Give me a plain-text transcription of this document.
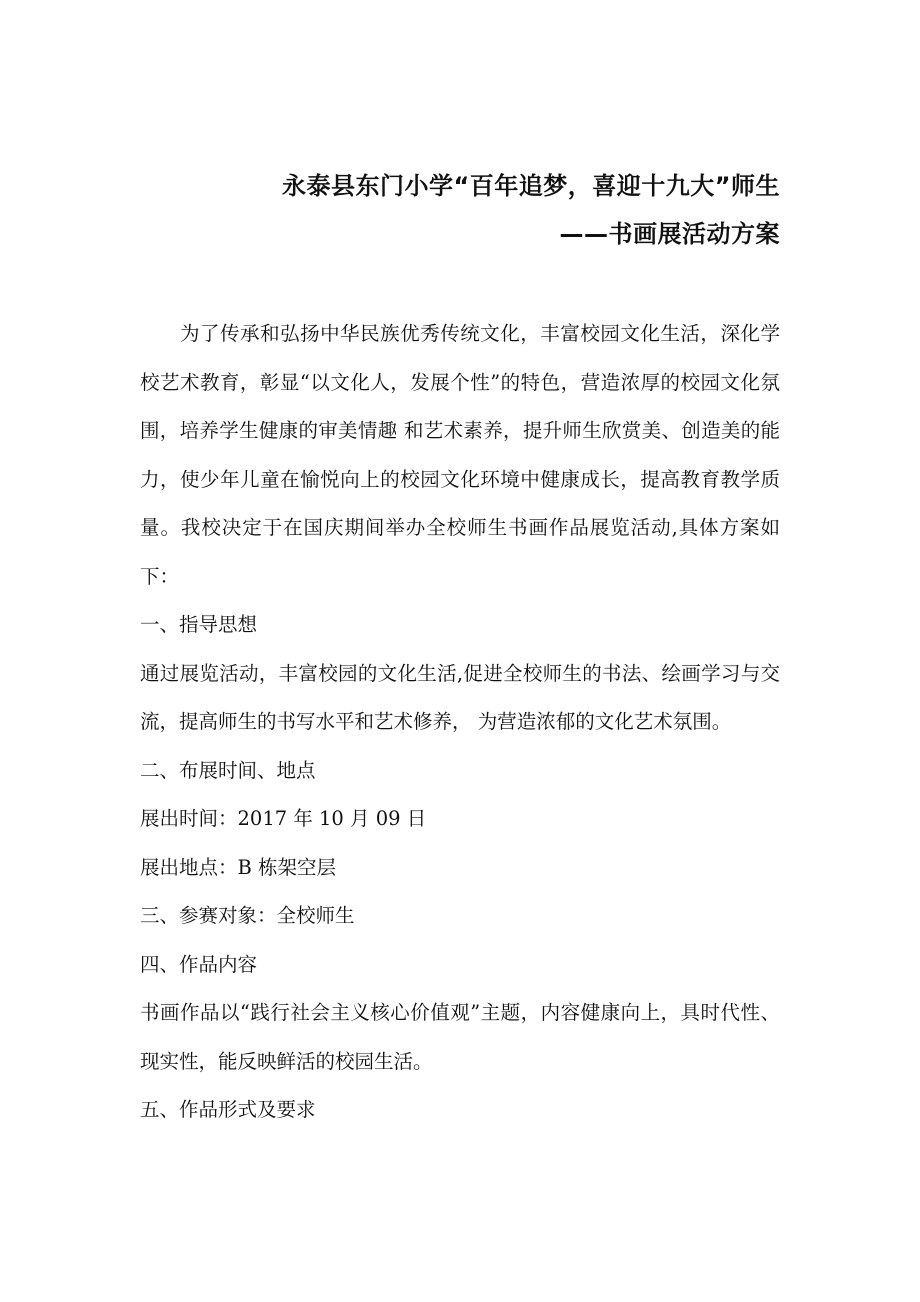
永泰县东门小学“百年追梦，喜迎十九大”师生
——书画展活动方案

为了传承和弘扬中华民族优秀传统文化，丰富校园文化生活，深化学校艺术教育，彰显“以文化人，发展个性”的特色，营造浓厚的校园文化氛围，培养学生健康的审美情趣 和艺术素养，提升师生欣赏美、创造美的能力，使少年儿童在愉悦向上的校园文化环境中健康成长，提高教育教学质量。我校决定于在国庆期间举办全校师生书画作品展览活动,具体方案如下：

一、指导思想

通过展览活动，丰富校园的文化生活,促进全校师生的书法、绘画学习与交流，提高师生的书写水平和艺术修养， 为营造浓郁的文化艺术氛围。

二、布展时间、地点

展出时间：2017 年 10 月 09 日

展出地点：B 栋架空层

三、参赛对象：全校师生

四、作品内容

书画作品以“践行社会主义核心价值观”主题，内容健康向上，具时代性、现实性，能反映鲜活的校园生活。

五、作品形式及要求
